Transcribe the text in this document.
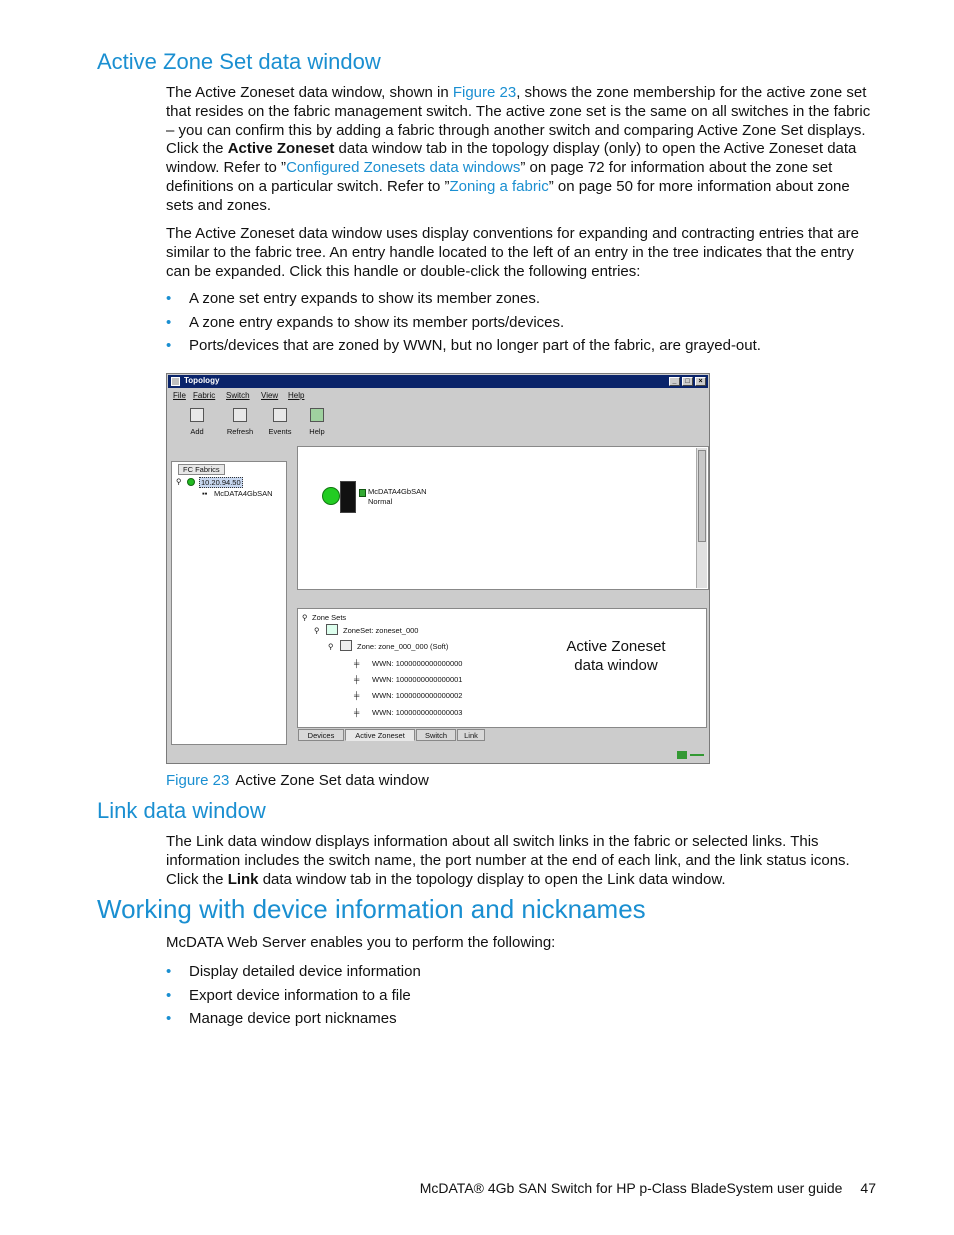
Active Zone Set data window

The Active Zoneset data window, shown in Figure 23, shows the zone membership for the active zone set that resides on the fabric management switch. The active zone set is the same on all switches in the fabric – you can confirm this by adding a fabric through another switch and comparing Active Zone Set displays. Click the Active Zoneset data window tab in the topology display (only) to open the Active Zoneset data window. Refer to ”Configured Zonesets data windows” on page 72 for information about the zone set definitions on a particular switch. Refer to ”Zoning a fabric” on page 50 for more information about zone sets and zones.

The Active Zoneset data window uses display conventions for expanding and contracting entries that are similar to the fabric tree. An entry handle located to the left of an entry in the tree indicates that the entry can be expanded. Click this handle or double-click the following entries:

• A zone set entry expands to show its member zones.
• A zone entry expands to show its member ports/devices.
• Ports/devices that are zoned by WWN, but no longer part of the fabric, are grayed-out.
Topology	_	□	×
File Fabric Switch View Help
Add	Refresh	Events	Help
FC Fabrics
⚲	10.20.94.50
▪▪ McDATA4GbSAN	McDATA4GbSAN
Normal
⚲ Zone Sets
⚲	ZoneSet: zoneset_000
⚲	Zone: zone_000_000 (Soft)
╪ WWN: 1000000000000000
╪ WWN: 1000000000000001
╪ WWN: 1000000000000002
╪ WWN: 1000000000000003
Active Zoneset
data window
Devices	Active Zoneset	Switch	Link
Figure 23 Active Zone Set data window
Link data window

The Link data window displays information about all switch links in the fabric or selected links. This information includes the switch name, the port number at the end of each link, and the link status icons. Click the Link data window tab in the topology display to open the Link data window.

Working with device information and nicknames

McDATA Web Server enables you to perform the following:

• Display detailed device information
• Export device information to a file
• Manage device port nicknames
McDATA® 4Gb SAN Switch for HP p-Class BladeSystem user guide 47
